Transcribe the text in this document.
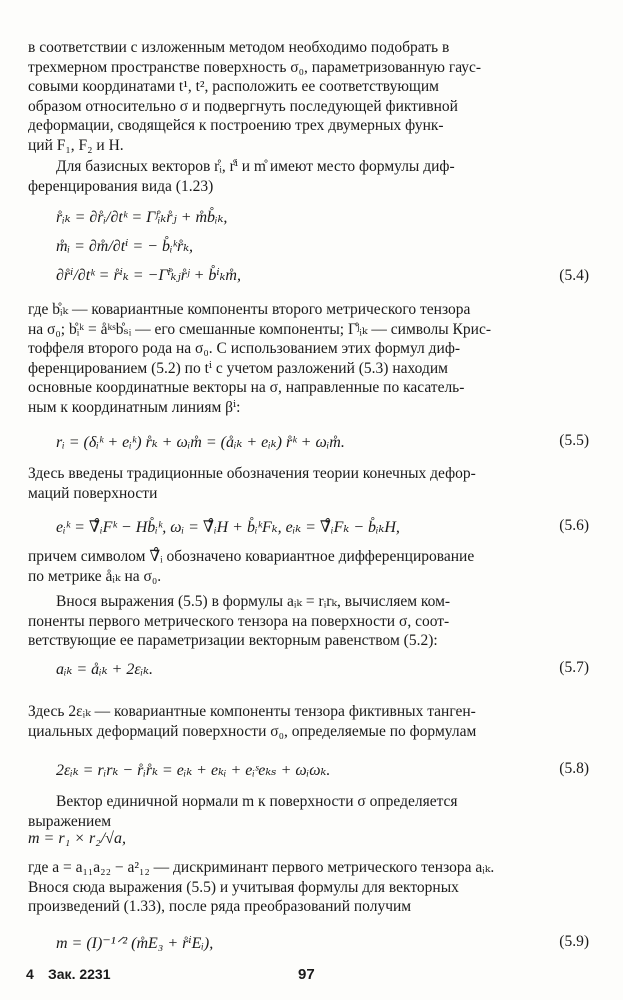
в соответствии с изложенным методом необходимо подобрать в
трехмерном пространстве поверхность σ₀, параметризованную гаус-
совыми координатами t¹, t², расположить ее соответствующим
образом относительно σ и подвергнуть последующей фиктивной
деформации, сводящейся к построению трех двумерных функ-
ций F₁, F₂ и H.
Для базисных векторов r̊ᵢ, r̊ⁱ и m̊ имеют место формулы диф-
ференцирования вида (1.23)
r̊ᵢₖ = ∂r̊ᵢ/∂tᵏ = Γ̊ʲᵢₖr̊ⱼ + m̊b̊ᵢₖ,
m̊ᵢ = ∂m̊/∂tⁱ = − b̊ᵢᵏr̊ₖ,
∂r̊ⁱ/∂tᵏ = r̊ⁱₖ = −Γ̊ⁱₖⱼr̊ʲ + b̊ⁱₖm̊,	(5.4)
где b̊ᵢₖ — ковариантные компоненты второго метрического тензора
на σ₀; b̊ᵢᵏ = åᵏˢb̊ₛᵢ — его смешанные компоненты; Γ̊ʲᵢₖ — символы Крис-
тоффеля второго рода на σ₀. С использованием этих формул диф-
ференцированием (5.2) по tⁱ с учетом разложений (5.3) находим
основные координатные векторы на σ, направленные по касатель-
ным к координатным линиям βⁱ:
rᵢ = (δᵢᵏ + eᵢᵏ) r̊ₖ + ωᵢm̊ = (åᵢₖ + eᵢₖ) r̊ᵏ + ωᵢm̊.	(5.5)
Здесь введены традиционные обозначения теории конечных дефор-
маций поверхности
eᵢᵏ = ∇̊ᵢFᵏ − Hb̊ᵢᵏ, ωᵢ = ∇̊ᵢH + b̊ᵢᵏFₖ, eᵢₖ = ∇̊ᵢFₖ − b̊ᵢₖH,	(5.6)
причем символом ∇̊ᵢ обозначено ковариантное дифференцирование
по метрике åᵢₖ на σ₀.
Внося выражения (5.5) в формулы aᵢₖ = rᵢrₖ, вычисляем ком-
поненты первого метрического тензора на поверхности σ, соот-
ветствующие ее параметризации векторным равенством (5.2):
aᵢₖ = åᵢₖ + 2εᵢₖ.	(5.7)
Здесь 2εᵢₖ — ковариантные компоненты тензора фиктивных танген-
циальных деформаций поверхности σ₀, определяемые по формулам
2εᵢₖ = rᵢrₖ − r̊ᵢr̊ₖ = eᵢₖ + eₖᵢ + eᵢˢeₖₛ + ωᵢωₖ.	(5.8)
Вектор единичной нормали m к поверхности σ определяется
выражением
m = r₁ × r₂/√a,
где a = a₁₁a₂₂ − a²₁₂ — дискриминант первого метрического тензора aᵢₖ.
Внося сюда выражения (5.5) и учитывая формулы для векторных
произведений (1.33), после ряда преобразований получим
m = (I)⁻¹ᐟ² (m̊E₃ + r̊ⁱEᵢ),	(5.9)
4 Зак. 2231	97
